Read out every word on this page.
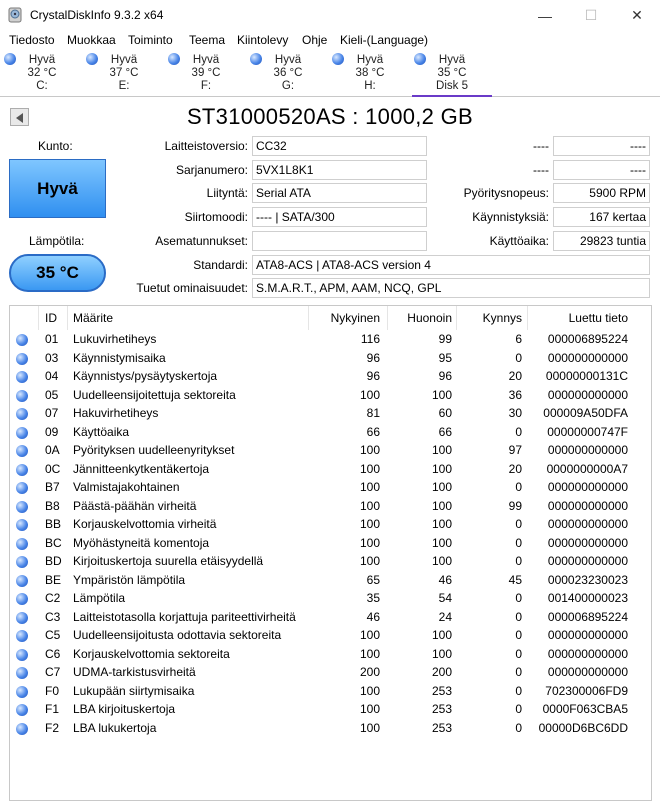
CrystalDiskInfo 9.3.2 x64	—	☐	✕
Tiedosto Muokkaa Toiminto Teema Kiintolevy Ohje Kieli-(Language)
Hyvä
32 °C
C:
Hyvä
37 °C
E:
Hyvä
39 °C
F:
Hyvä
36 °C
G:
Hyvä
38 °C
H:
Hyvä
35 °C
Disk 5
ST31000520AS : 1000,2 GB
Kunto:
Hyvä
Lämpötila:
35 °C
Laitteistoversio: CC32
Sarjanumero: 5VX1L8K1
Liityntä: Serial ATA
Siirtomoodi: ---- | SATA/300
Asematunnukset:
Standardi: ATA8-ACS | ATA8-ACS version 4
Tuetut ominaisuudet: S.M.A.R.T., APM, AAM, NCQ, GPL
----	----
----	----
Pyöritysnopeus:	5900 RPM
Käynnistyksiä:	167 kertaa
Käyttöaika:	29823 tuntia
ID Määrite	Nykyinen	Huonoin	Kynnys	Luettu tieto
01 Lukuvirhetiheys	116	99	6	000006895224
03 Käynnistymisaika	96	95	0	000000000000
04 Käynnistys/pysäytyskertoja	96	96	20	00000000131C
05 Uudelleensijoitettuja sektoreita	100	100	36	000000000000
07 Hakuvirhetiheys	81	60	30	000009A50DFA
09 Käyttöaika	66	66	0	00000000747F
0A Pyörityksen uudelleenyritykset	100	100	97	000000000000
0C Jännitteenkytkentäkertoja	100	100	20	0000000000A7
B7 Valmistajakohtainen	100	100	0	000000000000
B8 Päästä-päähän virheitä	100	100	99	000000000000
BB Korjauskelvottomia virheitä	100	100	0	000000000000
BC Myöhästyneitä komentoja	100	100	0	000000000000
BD Kirjoituskertoja suurella etäisyydellä	100	100	0	000000000000
BE Ympäristön lämpötila	65	46	45	000023230023
C2 Lämpötila	35	54	0	001400000023
C3 Laitteistotasolla korjattuja pariteettivirheitä	46	24	0	000006895224
C5 Uudelleensijoitusta odottavia sektoreita	100	100	0	000000000000
C6 Korjauskelvottomia sektoreita	100	100	0	000000000000
C7 UDMA-tarkistusvirheitä	200	200	0	000000000000
F0 Lukupään siirtymisaika	100	253	0	702300006FD9
F1 LBA kirjoituskertoja	100	253	0	0000F063CBA5
F2 LBA lukukertoja	100	253	0	00000D6BC6DD
